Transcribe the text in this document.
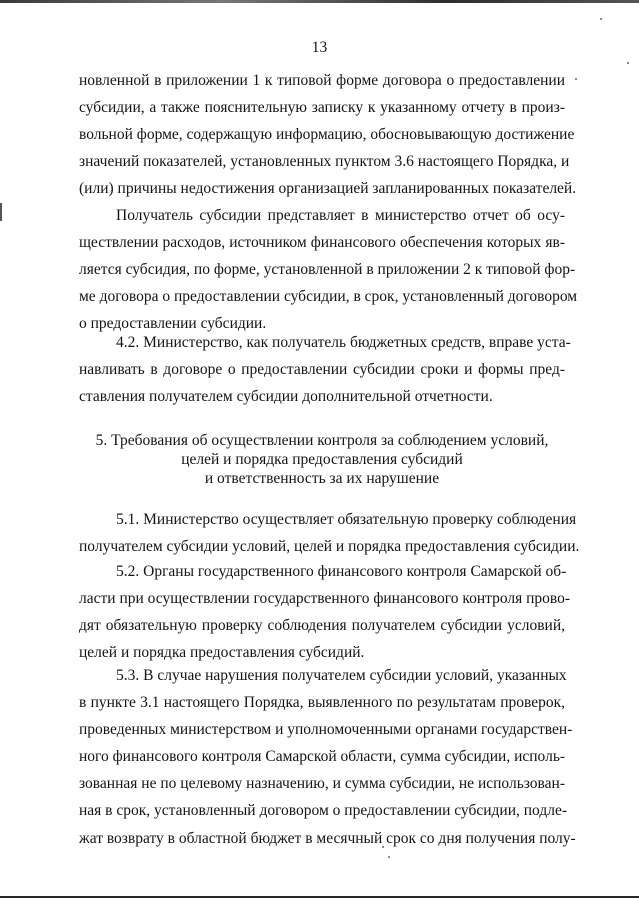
13
новленной в приложении 1 к типовой форме договора о предоставлении
субсидии, а также пояснительную записку к указанному отчету в произ-
вольной форме, содержащую информацию, обосновывающую достижение
значений показателей, установленных пунктом 3.6 настоящего Порядка, и
(или) причины недостижения организацией запланированных показателей.
Получатель субсидии представляет в министерство отчет об осу-
ществлении расходов, источником финансового обеспечения которых яв-
ляется субсидия, по форме, установленной в приложении 2 к типовой фор-
ме договора о предоставлении субсидии, в срок, установленный договором
о предоставлении субсидии.
4.2. Министерство, как получатель бюджетных средств, вправе уста-
навливать в договоре о предоставлении субсидии сроки и формы пред-
ставления получателем субсидии дополнительной отчетности.
5. Требования об осуществлении контроля за соблюдением условий,
целей и порядка предоставления субсидий
и ответственность за их нарушение
5.1. Министерство осуществляет обязательную проверку соблюдения
получателем субсидии условий, целей и порядка предоставления субсидии.
5.2. Органы государственного финансового контроля Самарской об-
ласти при осуществлении государственного финансового контроля прово-
дят обязательную проверку соблюдения получателем субсидии условий,
целей и порядка предоставления субсидий.
5.3. В случае нарушения получателем субсидии условий, указанных
в пункте 3.1 настоящего Порядка, выявленного по результатам проверок,
проведенных министерством и уполномоченными органами государствен-
ного финансового контроля Самарской области, сумма субсидии, исполь-
зованная не по целевому назначению, и сумма субсидии, не использован-
ная в срок, установленный договором о предоставлении субсидии, подле-
жат возврату в областной бюджет в месячный срок со дня получения полу-
